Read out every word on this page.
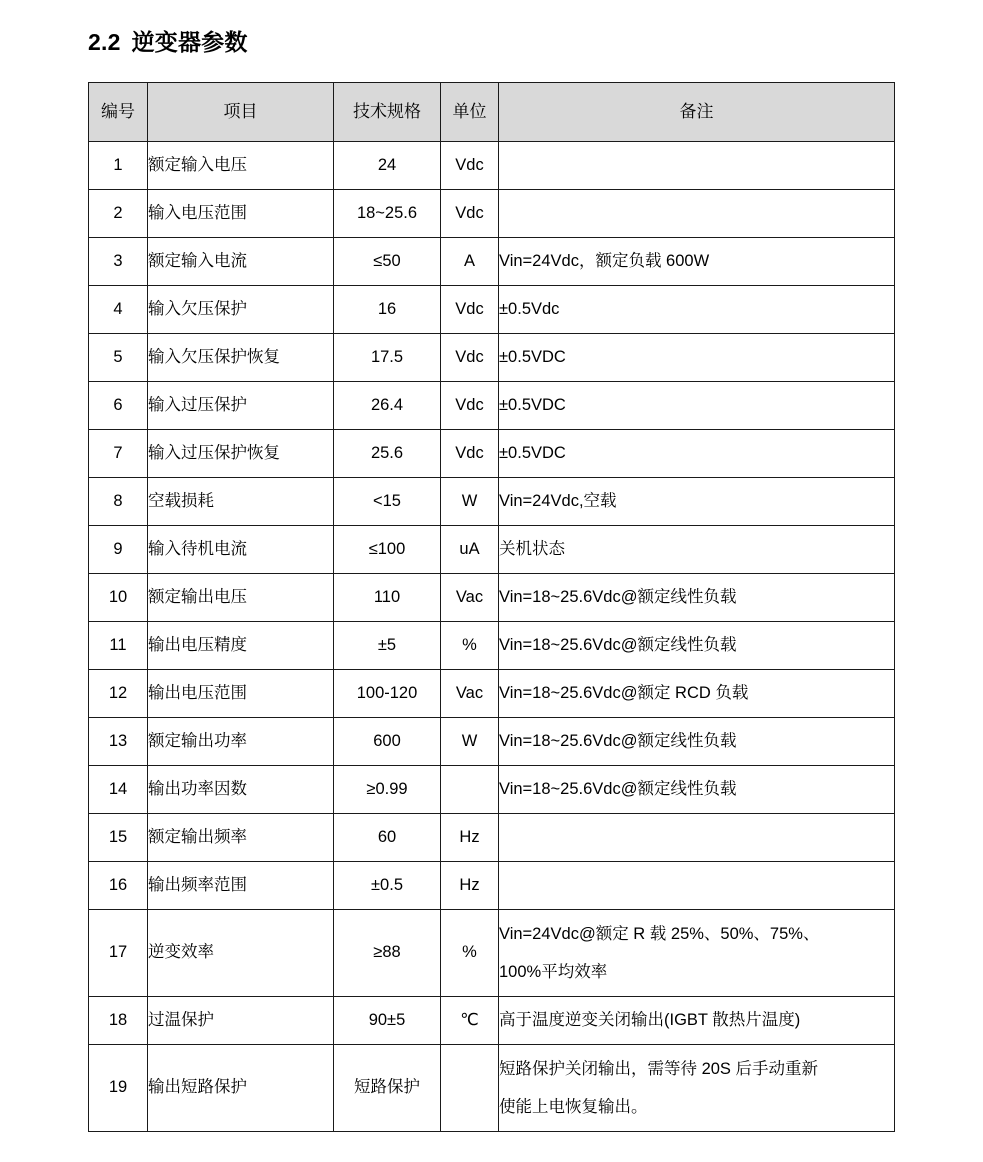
2.2 逆变器参数
编号	项目	技术规格	单位	备注
1	额定输入电压	24	Vdc	
2	输入电压范围	18~25.6	Vdc	
3	额定输入电流	≤50	A	Vin=24Vdc，额定负载 600W
4	输入欠压保护	16	Vdc	±0.5Vdc
5	输入欠压保护恢复	17.5	Vdc	±0.5VDC
6	输入过压保护	26.4	Vdc	±0.5VDC
7	输入过压保护恢复	25.6	Vdc	±0.5VDC
8	空载损耗	<15	W	Vin=24Vdc,空载
9	输入待机电流	≤100	uA	关机状态
10	额定输出电压	110	Vac	Vin=18~25.6Vdc@额定线性负载
11	输出电压精度	±5	%	Vin=18~25.6Vdc@额定线性负载
12	输出电压范围	100-120	Vac	Vin=18~25.6Vdc@额定 RCD 负载
13	额定输出功率	600	W	Vin=18~25.6Vdc@额定线性负载
14	输出功率因数	≥0.99		Vin=18~25.6Vdc@额定线性负载
15	额定输出频率	60	Hz	
16	输出频率范围	±0.5	Hz	
17	逆变效率	≥88	%	Vin=24Vdc@额定 R 载 25%、50%、75%、
100%平均效率

18	过温保护	90±5	℃	高于温度逆变关闭输出(IGBT 散热片温度)
19	输出短路保护	短路保护		短路保护关闭输出，需等待 20S 后手动重新
使能上电恢复输出。
